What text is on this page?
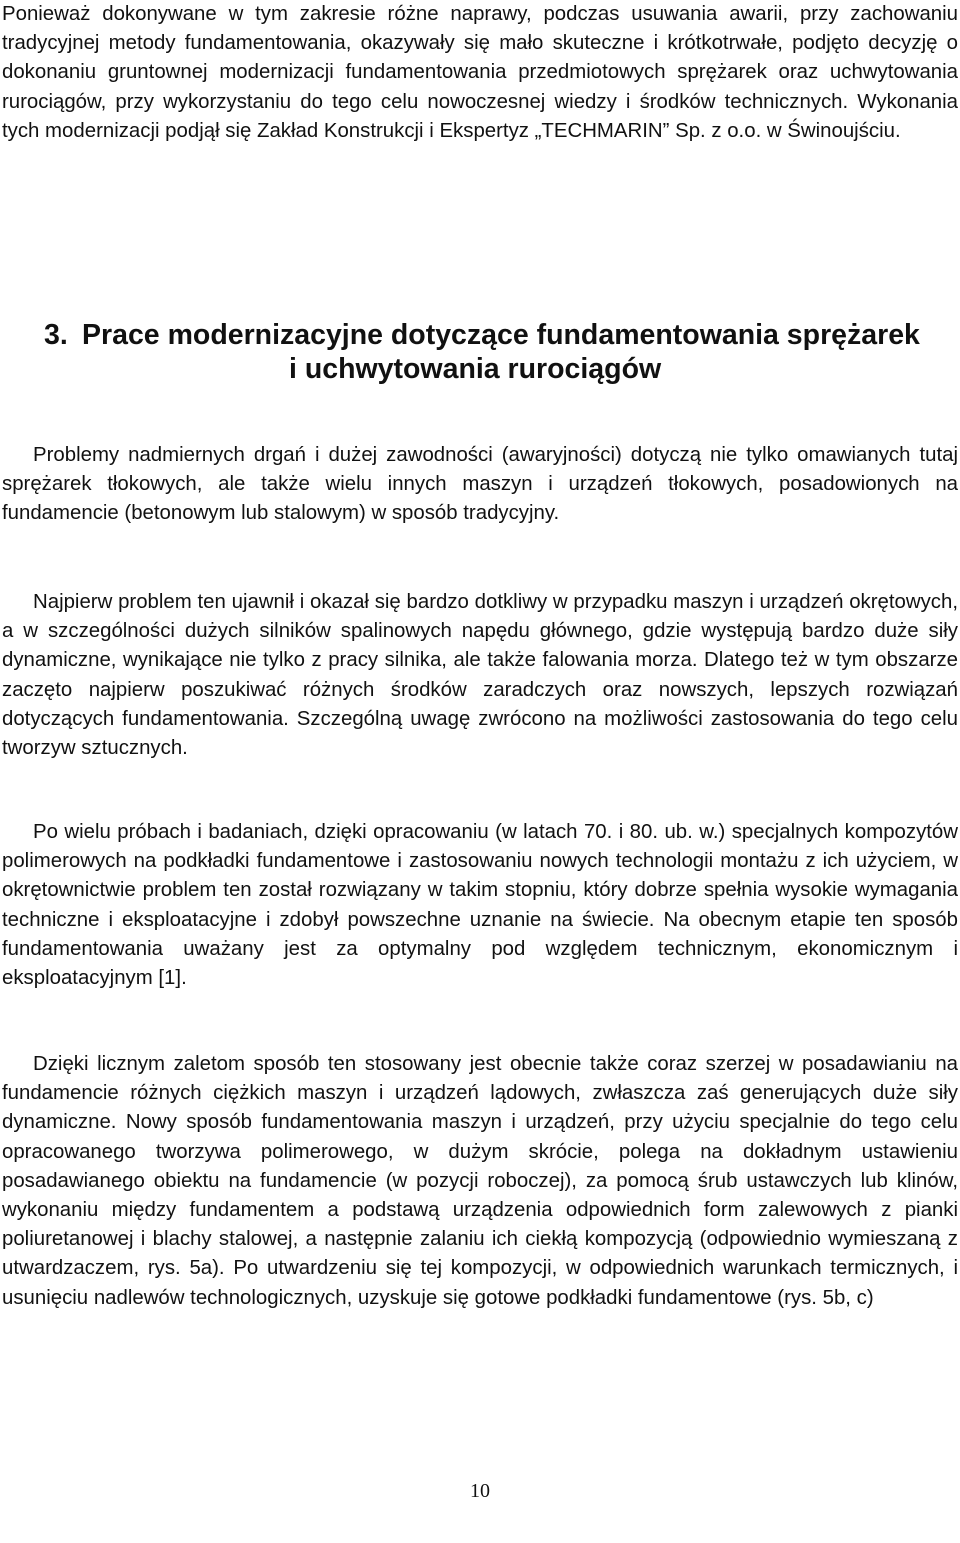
Ponieważ dokonywane w tym zakresie różne naprawy, podczas usuwania awarii, przy zachowaniu tradycyjnej metody fundamentowania, okazywały się mało skuteczne i krótkotrwałe, podjęto decyzję o dokonaniu gruntownej modernizacji fundamentowania przedmiotowych sprężarek oraz uchwytowania rurociągów, przy wykorzystaniu do tego celu nowoczesnej wiedzy i środków technicznych. Wykonania tych modernizacji podjął się Zakład Konstrukcji i Ekspertyz „TECHMARIN” Sp. z o.o. w Świnoujściu.

3. Prace modernizacyjne dotyczące fundamentowania sprężarek
i uchwytowania rurociągów

Problemy nadmiernych drgań i dużej zawodności (awaryjności) dotyczą nie tylko omawianych tutaj sprężarek tłokowych, ale także wielu innych maszyn i urządzeń tłokowych, posadowionych na fundamencie (betonowym lub stalowym) w sposób tradycyjny.

Najpierw problem ten ujawnił i okazał się bardzo dotkliwy w przypadku maszyn i urządzeń okrętowych, a w szczególności dużych silników spalinowych napędu głównego, gdzie występują bardzo duże siły dynamiczne, wynikające nie tylko z pracy silnika, ale także falowania morza. Dlatego też w tym obszarze zaczęto najpierw poszukiwać różnych środków zaradczych oraz nowszych, lepszych rozwiązań dotyczących fundamentowania. Szczególną uwagę zwrócono na możliwości zastosowania do tego celu tworzyw sztucznych.

Po wielu próbach i badaniach, dzięki opracowaniu (w latach 70. i 80. ub. w.) specjalnych kompozytów polimerowych na podkładki fundamentowe i zastosowaniu nowych technologii montażu z ich użyciem, w okrętownictwie problem ten został rozwiązany w takim stopniu, który dobrze spełnia wysokie wymagania techniczne i eksploatacyjne i zdobył powszechne uznanie na świecie. Na obecnym etapie ten sposób fundamentowania uważany jest za optymalny pod względem technicznym, ekonomicznym i eksploatacyjnym [1].

Dzięki licznym zaletom sposób ten stosowany jest obecnie także coraz szerzej w posadawianiu na fundamencie różnych ciężkich maszyn i urządzeń lądowych, zwłaszcza zaś generujących duże siły dynamiczne. Nowy sposób fundamentowania maszyn i urządzeń, przy użyciu specjalnie do tego celu opracowanego tworzywa polimerowego, w dużym skrócie, polega na dokładnym ustawieniu posadawianego obiektu na fundamencie (w pozycji roboczej), za pomocą śrub ustawczych lub klinów, wykonaniu między fundamentem a podstawą urządzenia odpowiednich form zalewowych z pianki poliuretanowej i blachy stalowej, a następnie zalaniu ich ciekłą kompozycją (odpowiednio wymieszaną z utwardzaczem, rys. 5a). Po utwardzeniu się tej kompozycji, w odpowiednich warunkach termicznych, i usunięciu nadlewów technologicznych, uzyskuje się gotowe podkładki fundamentowe (rys. 5b, c)

10
